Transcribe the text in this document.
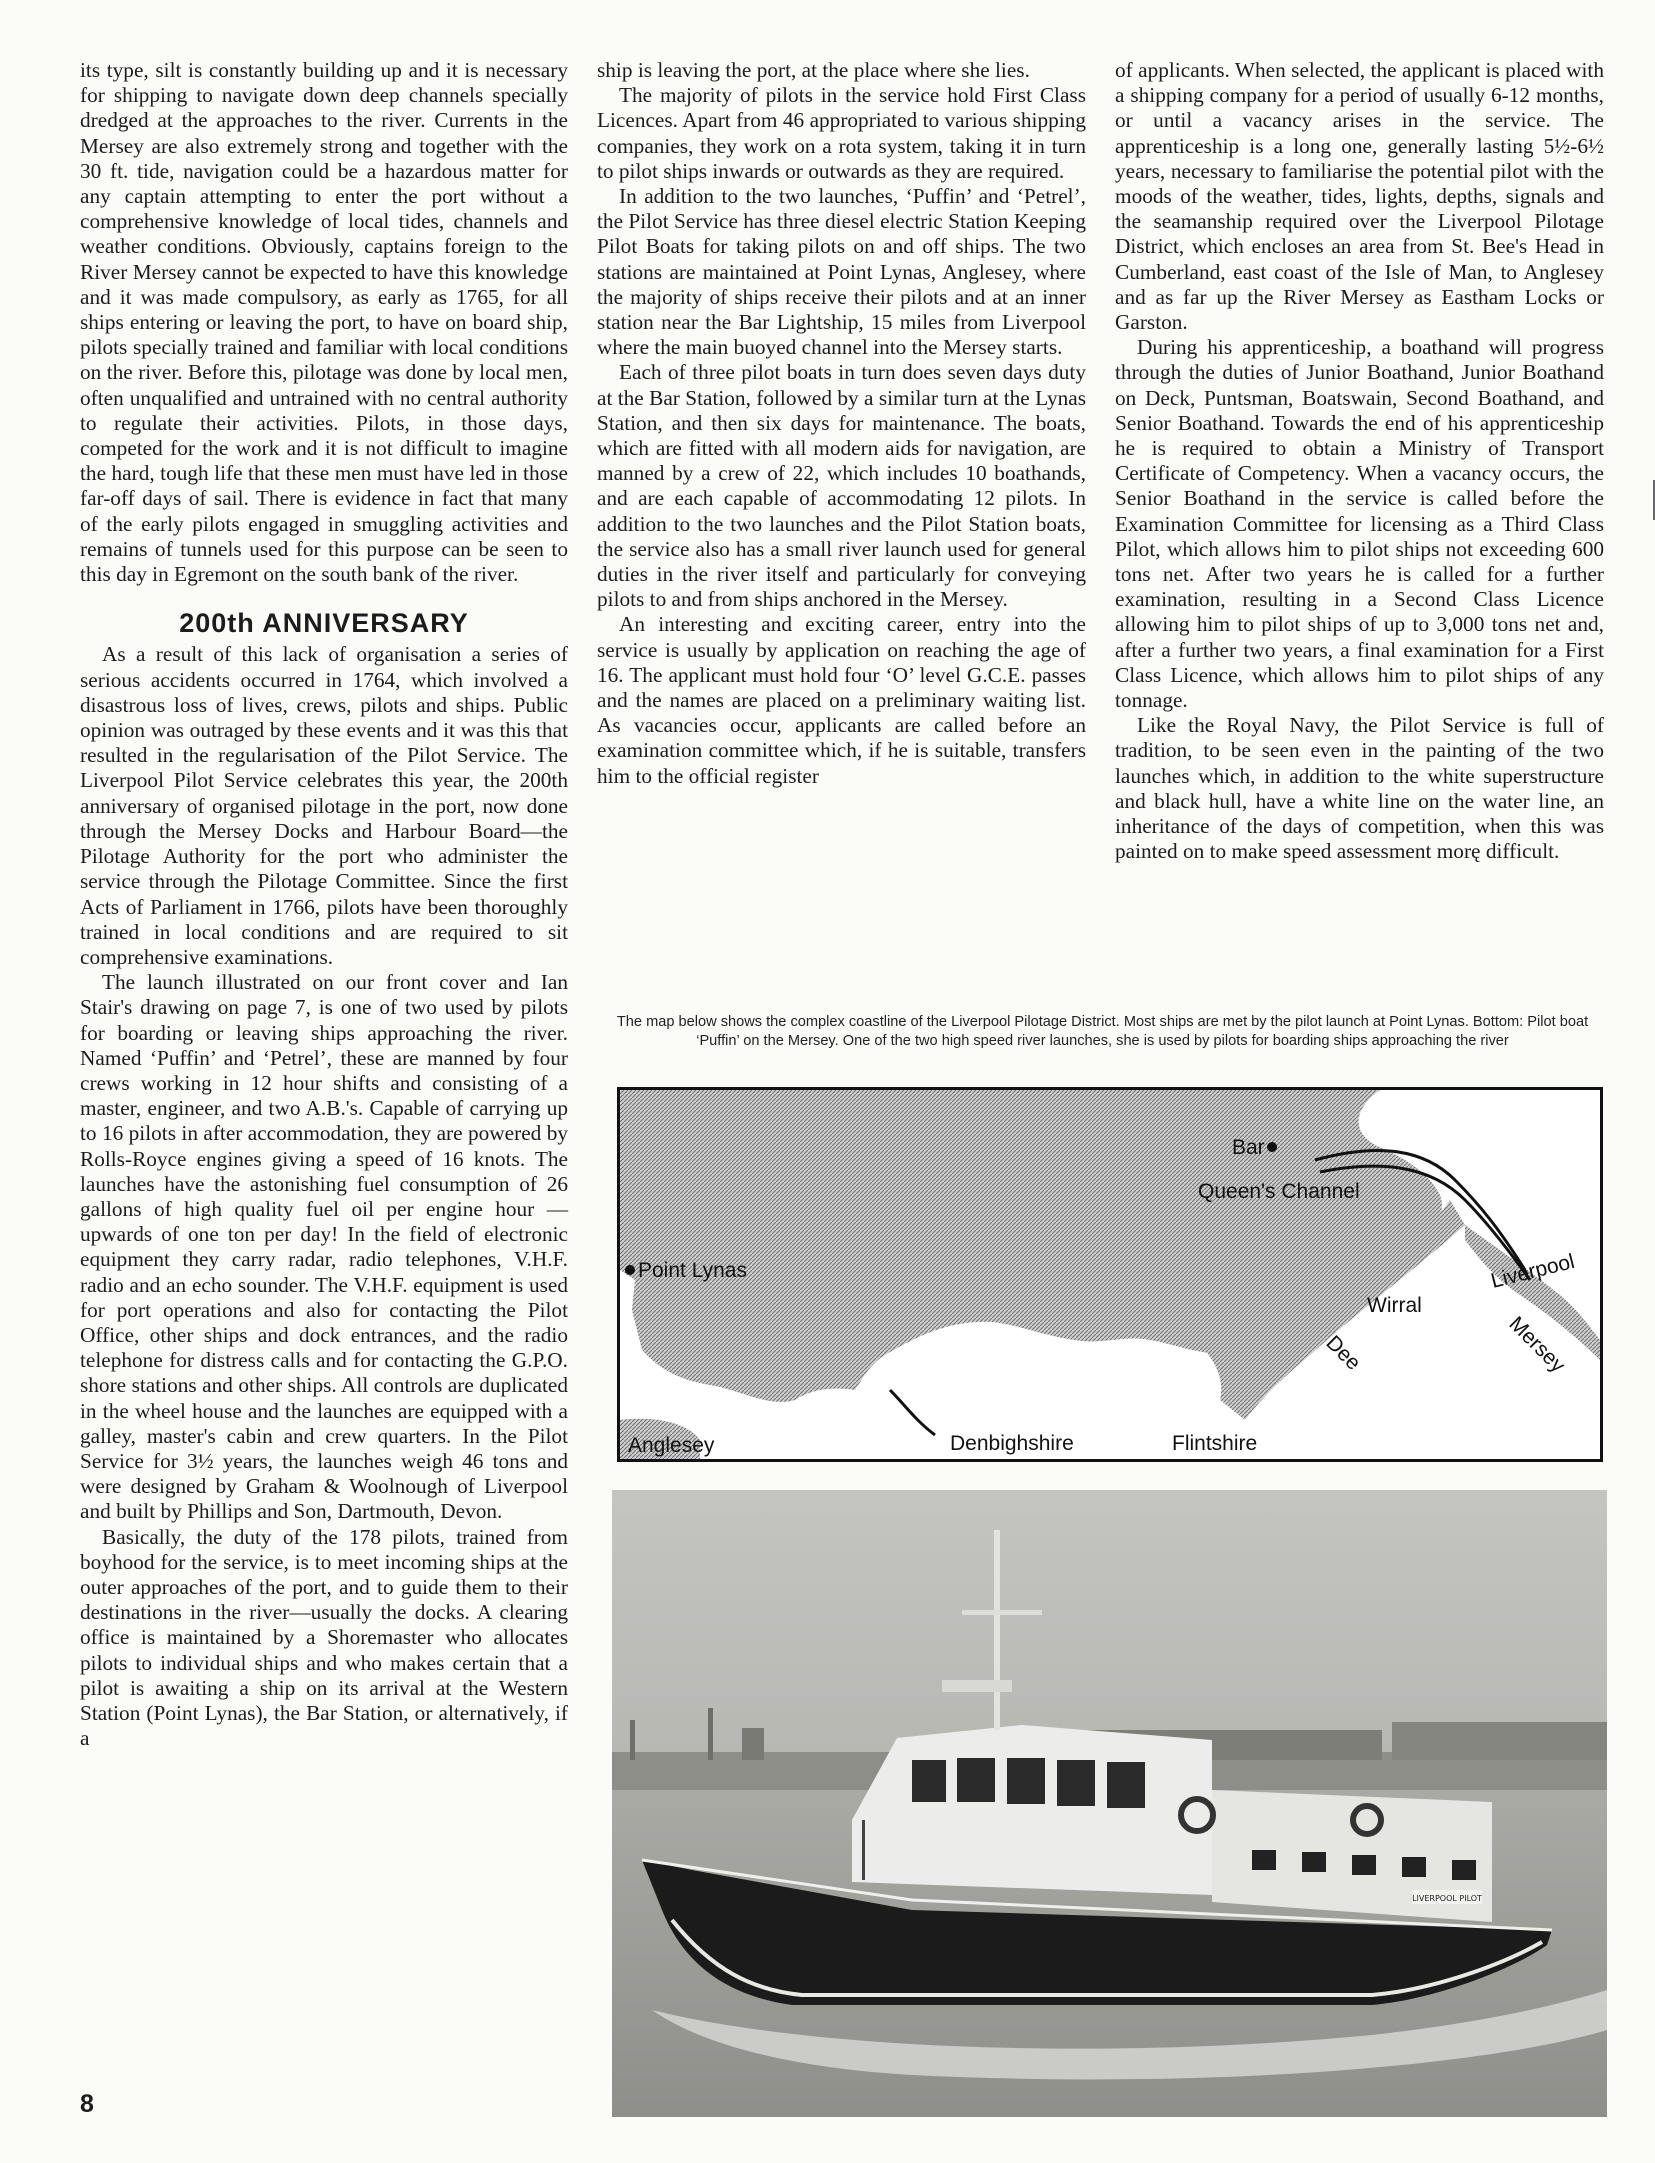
its type, silt is constantly building up and it is necessary for shipping to navigate down deep channels specially dredged at the approaches to the river. Currents in the Mersey are also extremely strong and together with the 30 ft. tide, navigation could be a hazardous matter for any captain attempting to enter the port without a comprehensive knowledge of local tides, channels and weather conditions. Obviously, captains foreign to the River Mersey cannot be expected to have this knowledge and it was made compulsory, as early as 1765, for all ships entering or leaving the port, to have on board ship, pilots specially trained and familiar with local conditions on the river. Before this, pilotage was done by local men, often unqualified and untrained with no central authority to regulate their activities. Pilots, in those days, competed for the work and it is not difficult to imagine the hard, tough life that these men must have led in those far-off days of sail. There is evidence in fact that many of the early pilots engaged in smuggling activities and remains of tunnels used for this purpose can be seen to this day in Egremont on the south bank of the river.

200th ANNIVERSARY

As a result of this lack of organisation a series of serious accidents occurred in 1764, which involved a disastrous loss of lives, crews, pilots and ships. Public opinion was outraged by these events and it was this that resulted in the regularisation of the Pilot Service. The Liverpool Pilot Service celebrates this year, the 200th anniversary of organised pilotage in the port, now done through the Mersey Docks and Harbour Board—the Pilotage Authority for the port who administer the service through the Pilotage Committee. Since the first Acts of Parliament in 1766, pilots have been thoroughly trained in local conditions and are required to sit comprehensive examinations.

The launch illustrated on our front cover and Ian Stair's drawing on page 7, is one of two used by pilots for boarding or leaving ships approaching the river. Named ‘Puffin’ and ‘Petrel’, these are manned by four crews working in 12 hour shifts and consisting of a master, engineer, and two A.B.'s. Capable of carrying up to 16 pilots in after accommodation, they are powered by Rolls-Royce engines giving a speed of 16 knots. The launches have the astonishing fuel consumption of 26 gallons of high quality fuel oil per engine hour —upwards of one ton per day! In the field of electronic equipment they carry radar, radio telephones, V.H.F. radio and an echo sounder. The V.H.F. equipment is used for port operations and also for contacting the Pilot Office, other ships and dock entrances, and the radio telephone for distress calls and for contacting the G.P.O. shore stations and other ships. All controls are duplicated in the wheel house and the launches are equipped with a galley, master's cabin and crew quarters. In the Pilot Service for 3½ years, the launches weigh 46 tons and were designed by Graham & Woolnough of Liverpool and built by Phillips and Son, Dartmouth, Devon.

Basically, the duty of the 178 pilots, trained from boyhood for the service, is to meet incoming ships at the outer approaches of the port, and to guide them to their destinations in the river—usually the docks. A clearing office is maintained by a Shoremaster who allocates pilots to individual ships and who makes certain that a pilot is awaiting a ship on its arrival at the Western Station (Point Lynas), the Bar Station, or alternatively, if a

ship is leaving the port, at the place where she lies.

The majority of pilots in the service hold First Class Licences. Apart from 46 appropriated to various shipping companies, they work on a rota system, taking it in turn to pilot ships inwards or outwards as they are required.

In addition to the two launches, ‘Puffin’ and ‘Petrel’, the Pilot Service has three diesel electric Station Keeping Pilot Boats for taking pilots on and off ships. The two stations are maintained at Point Lynas, Anglesey, where the majority of ships receive their pilots and at an inner station near the Bar Lightship, 15 miles from Liverpool where the main buoyed channel into the Mersey starts.

Each of three pilot boats in turn does seven days duty at the Bar Station, followed by a similar turn at the Lynas Station, and then six days for maintenance. The boats, which are fitted with all modern aids for navigation, are manned by a crew of 22, which includes 10 boathands, and are each capable of accommodating 12 pilots. In addition to the two launches and the Pilot Station boats, the service also has a small river launch used for general duties in the river itself and particularly for conveying pilots to and from ships anchored in the Mersey.

An interesting and exciting career, entry into the service is usually by application on reaching the age of 16. The applicant must hold four ‘O’ level G.C.E. passes and the names are placed on a preliminary waiting list. As vacancies occur, applicants are called before an examination committee which, if he is suitable, transfers him to the official register

of applicants. When selected, the applicant is placed with a shipping company for a period of usually 6-12 months, or until a vacancy arises in the service. The apprenticeship is a long one, generally lasting 5½-6½ years, necessary to familiarise the potential pilot with the moods of the weather, tides, lights, depths, signals and the seamanship required over the Liverpool Pilotage District, which encloses an area from St. Bee's Head in Cumberland, east coast of the Isle of Man, to Anglesey and as far up the River Mersey as Eastham Locks or Garston.

During his apprenticeship, a boathand will progress through the duties of Junior Boathand, Junior Boathand on Deck, Puntsman, Boatswain, Second Boathand, and Senior Boathand. Towards the end of his apprenticeship he is required to obtain a Ministry of Transport Certificate of Competency. When a vacancy occurs, the Senior Boathand in the service is called before the Examination Committee for licensing as a Third Class Pilot, which allows him to pilot ships not exceeding 600 tons net. After two years he is called for a further examination, resulting in a Second Class Licence allowing him to pilot ships of up to 3,000 tons net and, after a further two years, a final examination for a First Class Licence, which allows him to pilot ships of any tonnage.

Like the Royal Navy, the Pilot Service is full of tradition, to be seen even in the painting of the two launches which, in addition to the white superstructure and black hull, have a white line on the water line, an inheritance of the days of competition, when this was painted on to make speed assessment morę difficult.

The map below shows the complex coastline of the Liverpool Pilotage District. Most ships are met by the pilot launch at Point Lynas. Bottom: Pilot boat ‘Puffin’ on the Mersey. One of the two high speed river launches, she is used by pilots for boarding ships approaching the river
Bar
Queen's Channel
Point Lynas	Liverpool
Wirral
Dee	Mersey
Anglesey	Denbighshire	Flintshire
LIVERPOOL PILOT
8
